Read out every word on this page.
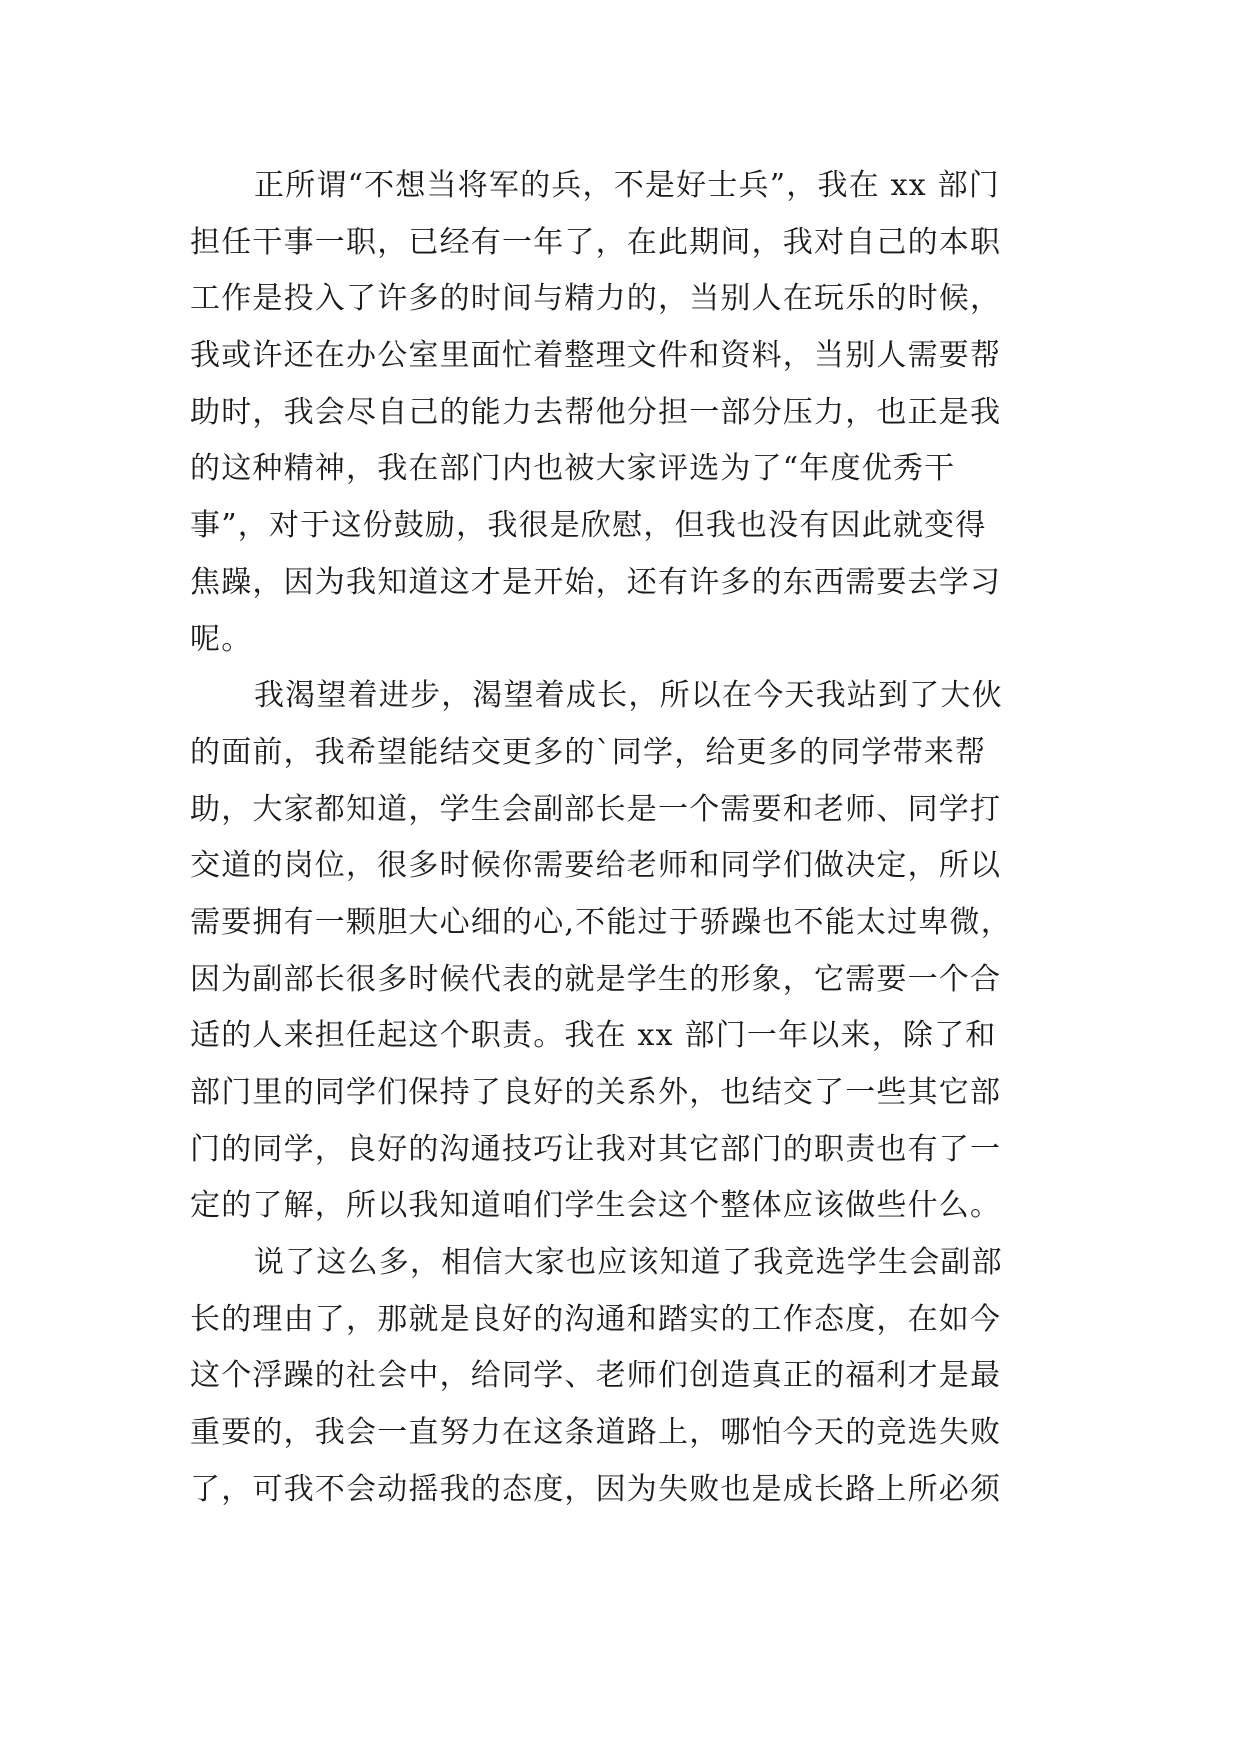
正所谓“不想当将军的兵，不是好士兵”，我在 xx 部门
担任干事一职，已经有一年了，在此期间，我对自己的本职
工作是投入了许多的时间与精力的，当别人在玩乐的时候，
我或许还在办公室里面忙着整理文件和资料，当别人需要帮
助时，我会尽自己的能力去帮他分担一部分压力，也正是我
的这种精神，我在部门内也被大家评选为了“年度优秀干
事”，对于这份鼓励，我很是欣慰，但我也没有因此就变得
焦躁，因为我知道这才是开始，还有许多的东西需要去学习
呢。
我渴望着进步，渴望着成长，所以在今天我站到了大伙
的面前，我希望能结交更多的`同学，给更多的同学带来帮
助，大家都知道，学生会副部长是一个需要和老师、同学打
交道的岗位，很多时候你需要给老师和同学们做决定，所以
需要拥有一颗胆大心细的心,不能过于骄躁也不能太过卑微，
因为副部长很多时候代表的就是学生的形象，它需要一个合
适的人来担任起这个职责。我在 xx 部门一年以来，除了和
部门里的同学们保持了良好的关系外，也结交了一些其它部
门的同学，良好的沟通技巧让我对其它部门的职责也有了一
定的了解，所以我知道咱们学生会这个整体应该做些什么。
说了这么多，相信大家也应该知道了我竞选学生会副部
长的理由了，那就是良好的沟通和踏实的工作态度，在如今
这个浮躁的社会中，给同学、老师们创造真正的福利才是最
重要的，我会一直努力在这条道路上，哪怕今天的竞选失败
了，可我不会动摇我的态度，因为失败也是成长路上所必须
